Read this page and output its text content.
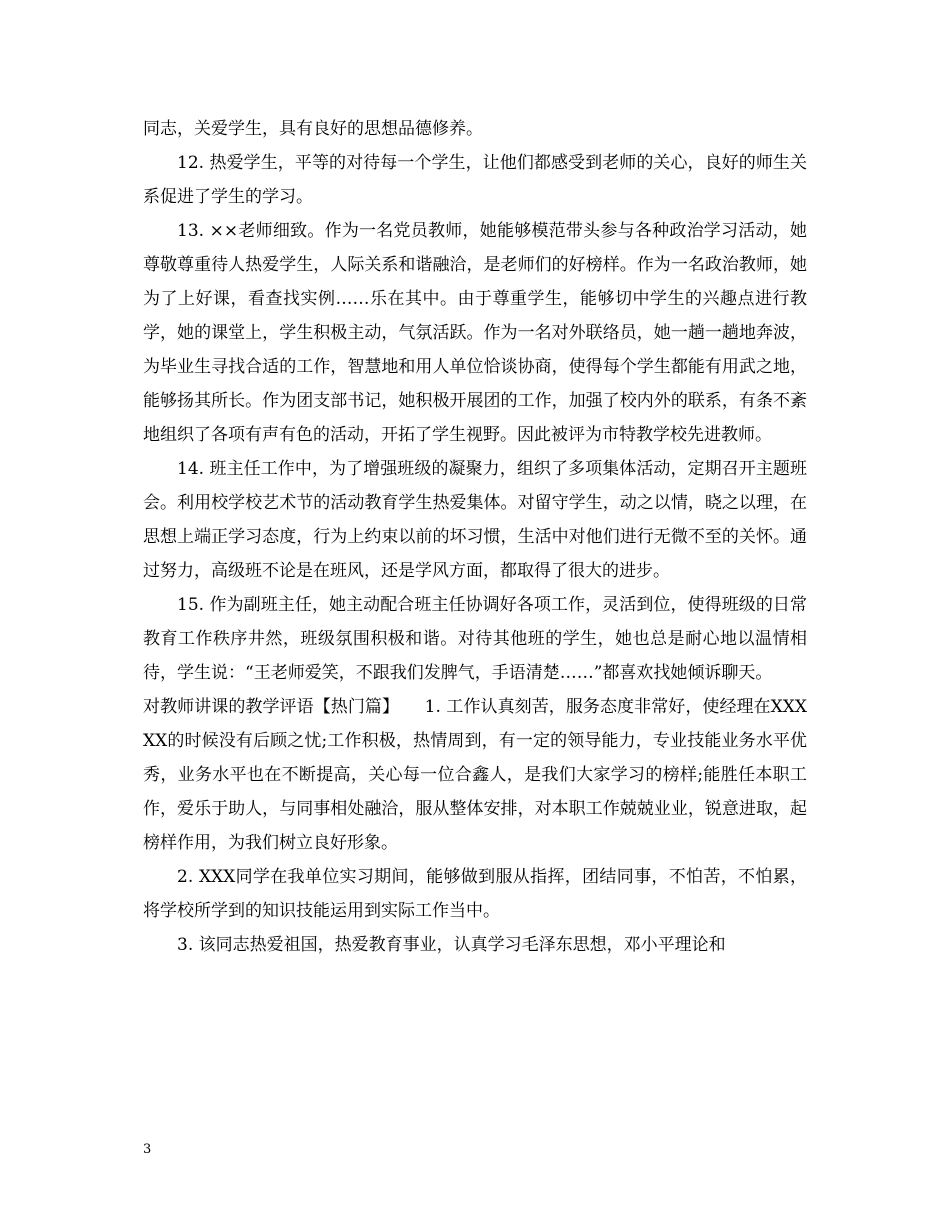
同志，关爱学生，具有良好的思想品德修养。

12. 热爱学生，平等的对待每一个学生，让他们都感受到老师的关心，良好的师生关系促进了学生的学习。

13. ××老师细致。作为一名党员教师，她能够模范带头参与各种政治学习活动，她尊敬尊重待人热爱学生，人际关系和谐融洽，是老师们的好榜样。作为一名政治教师，她为了上好课，看查找实例……乐在其中。由于尊重学生，能够切中学生的兴趣点进行教学，她的课堂上，学生积极主动，气氛活跃。作为一名对外联络员，她一趟一趟地奔波，为毕业生寻找合适的工作，智慧地和用人单位恰谈协商，使得每个学生都能有用武之地，能够扬其所长。作为团支部书记，她积极开展团的工作，加强了校内外的联系，有条不紊地组织了各项有声有色的活动，开拓了学生视野。因此被评为市特教学校先进教师。

14. 班主任工作中，为了增强班级的凝聚力，组织了多项集体活动，定期召开主题班会。利用校学校艺术节的活动教育学生热爱集体。对留守学生，动之以情，晓之以理，在思想上端正学习态度，行为上约束以前的坏习惯，生活中对他们进行无微不至的关怀。通过努力，高级班不论是在班风，还是学风方面，都取得了很大的进步。

15. 作为副班主任，她主动配合班主任协调好各项工作，灵活到位，使得班级的日常教育工作秩序井然，班级氛围积极和谐。对待其他班的学生，她也总是耐心地以温情相待，学生说：“王老师爱笑，不跟我们发脾气，手语清楚……”都喜欢找她倾诉聊天。

对教师讲课的教学评语【热门篇】　　1. 工作认真刻苦，服务态度非常好，使经理在XXXXX的时候没有后顾之忧;工作积极，热情周到，有一定的领导能力，专业技能业务水平优秀，业务水平也在不断提高，关心每一位合鑫人，是我们大家学习的榜样;能胜任本职工作，爱乐于助人，与同事相处融洽，服从整体安排，对本职工作兢兢业业，锐意进取，起榜样作用，为我们树立良好形象。

2. XXX同学在我单位实习期间，能够做到服从指挥，团结同事，不怕苦，不怕累，将学校所学到的知识技能运用到实际工作当中。

3. 该同志热爱祖国，热爱教育事业，认真学习毛泽东思想，邓小平理论和

3
